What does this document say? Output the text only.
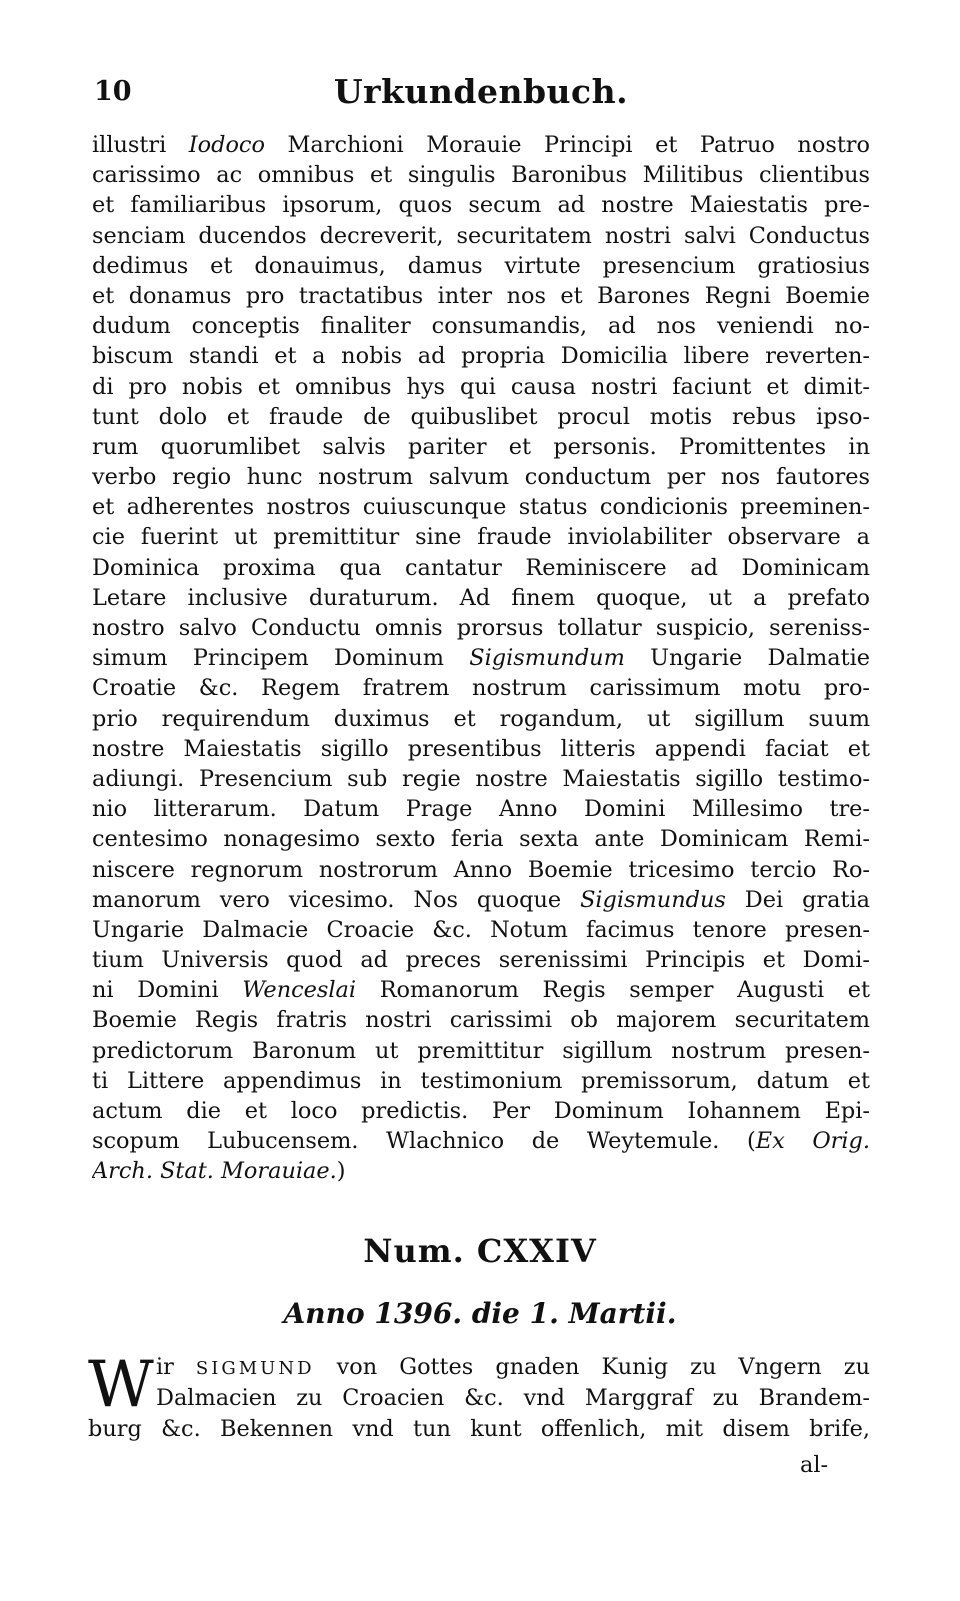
10	Urkundenbuch.
illustri Iodoco Marchioni Morauie Principi et Patruo nostro
carissimo ac omnibus et singulis Baronibus Militibus clientibus
et familiaribus ipsorum, quos secum ad nostre Maiestatis pre-
senciam ducendos decreverit, securitatem nostri salvi Conductus
dedimus et donauimus, damus virtute presencium gratiosius
et donamus pro tractatibus inter nos et Barones Regni Boemie
dudum conceptis finaliter consumandis, ad nos veniendi no-
biscum standi et a nobis ad propria Domicilia libere reverten-
di pro nobis et omnibus hys qui causa nostri faciunt et dimit-
tunt dolo et fraude de quibuslibet procul motis rebus ipso-
rum quorumlibet salvis pariter et personis. Promittentes in
verbo regio hunc nostrum salvum conductum per nos fautores
et adherentes nostros cuiuscunque status condicionis preeminen-
cie fuerint ut premittitur sine fraude inviolabiliter observare a
Dominica proxima qua cantatur Reminiscere ad Dominicam
Letare inclusive duraturum. Ad finem quoque, ut a prefato
nostro salvo Conductu omnis prorsus tollatur suspicio, sereniss-
simum Principem Dominum Sigismundum Ungarie Dalmatie
Croatie &c. Regem fratrem nostrum carissimum motu pro-
prio requirendum duximus et rogandum, ut sigillum suum
nostre Maiestatis sigillo presentibus litteris appendi faciat et
adiungi. Presencium sub regie nostre Maiestatis sigillo testimo-
nio litterarum. Datum Prage Anno Domini Millesimo tre-
centesimo nonagesimo sexto feria sexta ante Dominicam Remi-
niscere regnorum nostrorum Anno Boemie tricesimo tercio Ro-
manorum vero vicesimo. Nos quoque Sigismundus Dei gratia
Ungarie Dalmacie Croacie &c. Notum facimus tenore presen-
tium Universis quod ad preces serenissimi Principis et Domi-
ni Domini Wenceslai Romanorum Regis semper Augusti et
Boemie Regis fratris nostri carissimi ob majorem securitatem
predictorum Baronum ut premittitur sigillum nostrum presen-
ti Littere appendimus in testimonium premissorum, datum et
actum die et loco predictis. Per Dominum Iohannem Epi-
scopum Lubucensem. Wlachnico de Weytemule. (Ex Orig.
Arch. Stat. Morauiae.)
Num. CXXIV
Anno 1396. die 1. Martii.
W ir SIGMUND von Gottes gnaden Kunig zu Vngern zu
Dalmacien zu Croacien &c. vnd Marggraf zu Brandem-
burg &c. Bekennen vnd tun kunt offenlich, mit disem brife,
al-
